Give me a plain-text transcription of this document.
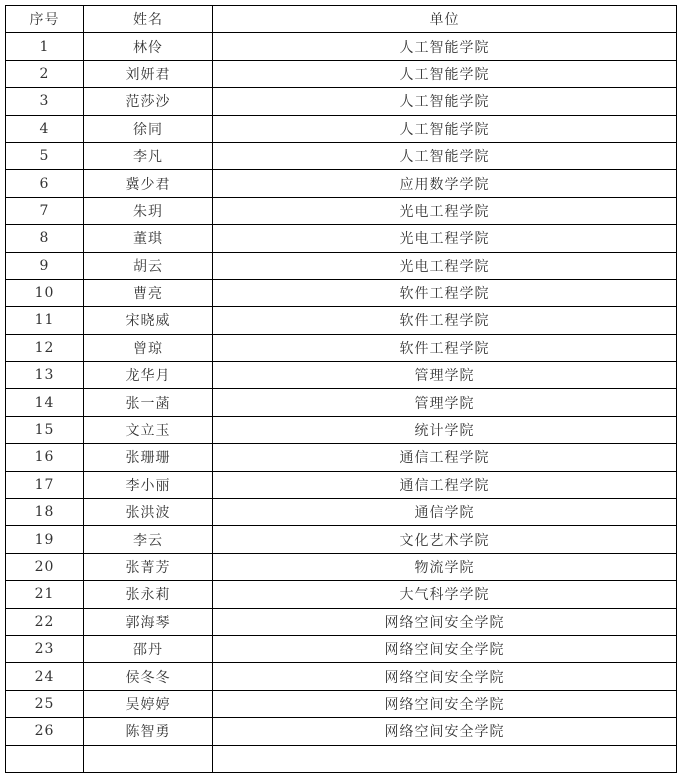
序号	姓名	单位
1	林伶	人工智能学院
2	刘妍君	人工智能学院
3	范莎沙	人工智能学院
4	徐同	人工智能学院
5	李凡	人工智能学院
6	冀少君	应用数学学院
7	朱玥	光电工程学院
8	董琪	光电工程学院
9	胡云	光电工程学院
10	曹亮	软件工程学院
11	宋晓威	软件工程学院
12	曾琼	软件工程学院
13	龙华月	管理学院
14	张一菡	管理学院
15	文立玉	统计学院
16	张珊珊	通信工程学院
17	李小丽	通信工程学院
18	张洪波	通信学院
19	李云	文化艺术学院
20	张菁芳	物流学院
21	张永莉	大气科学学院
22	郭海琴	网络空间安全学院
23	邵丹	网络空间安全学院
24	侯冬冬	网络空间安全学院
25	吴婷婷	网络空间安全学院
26	陈智勇	网络空间安全学院
